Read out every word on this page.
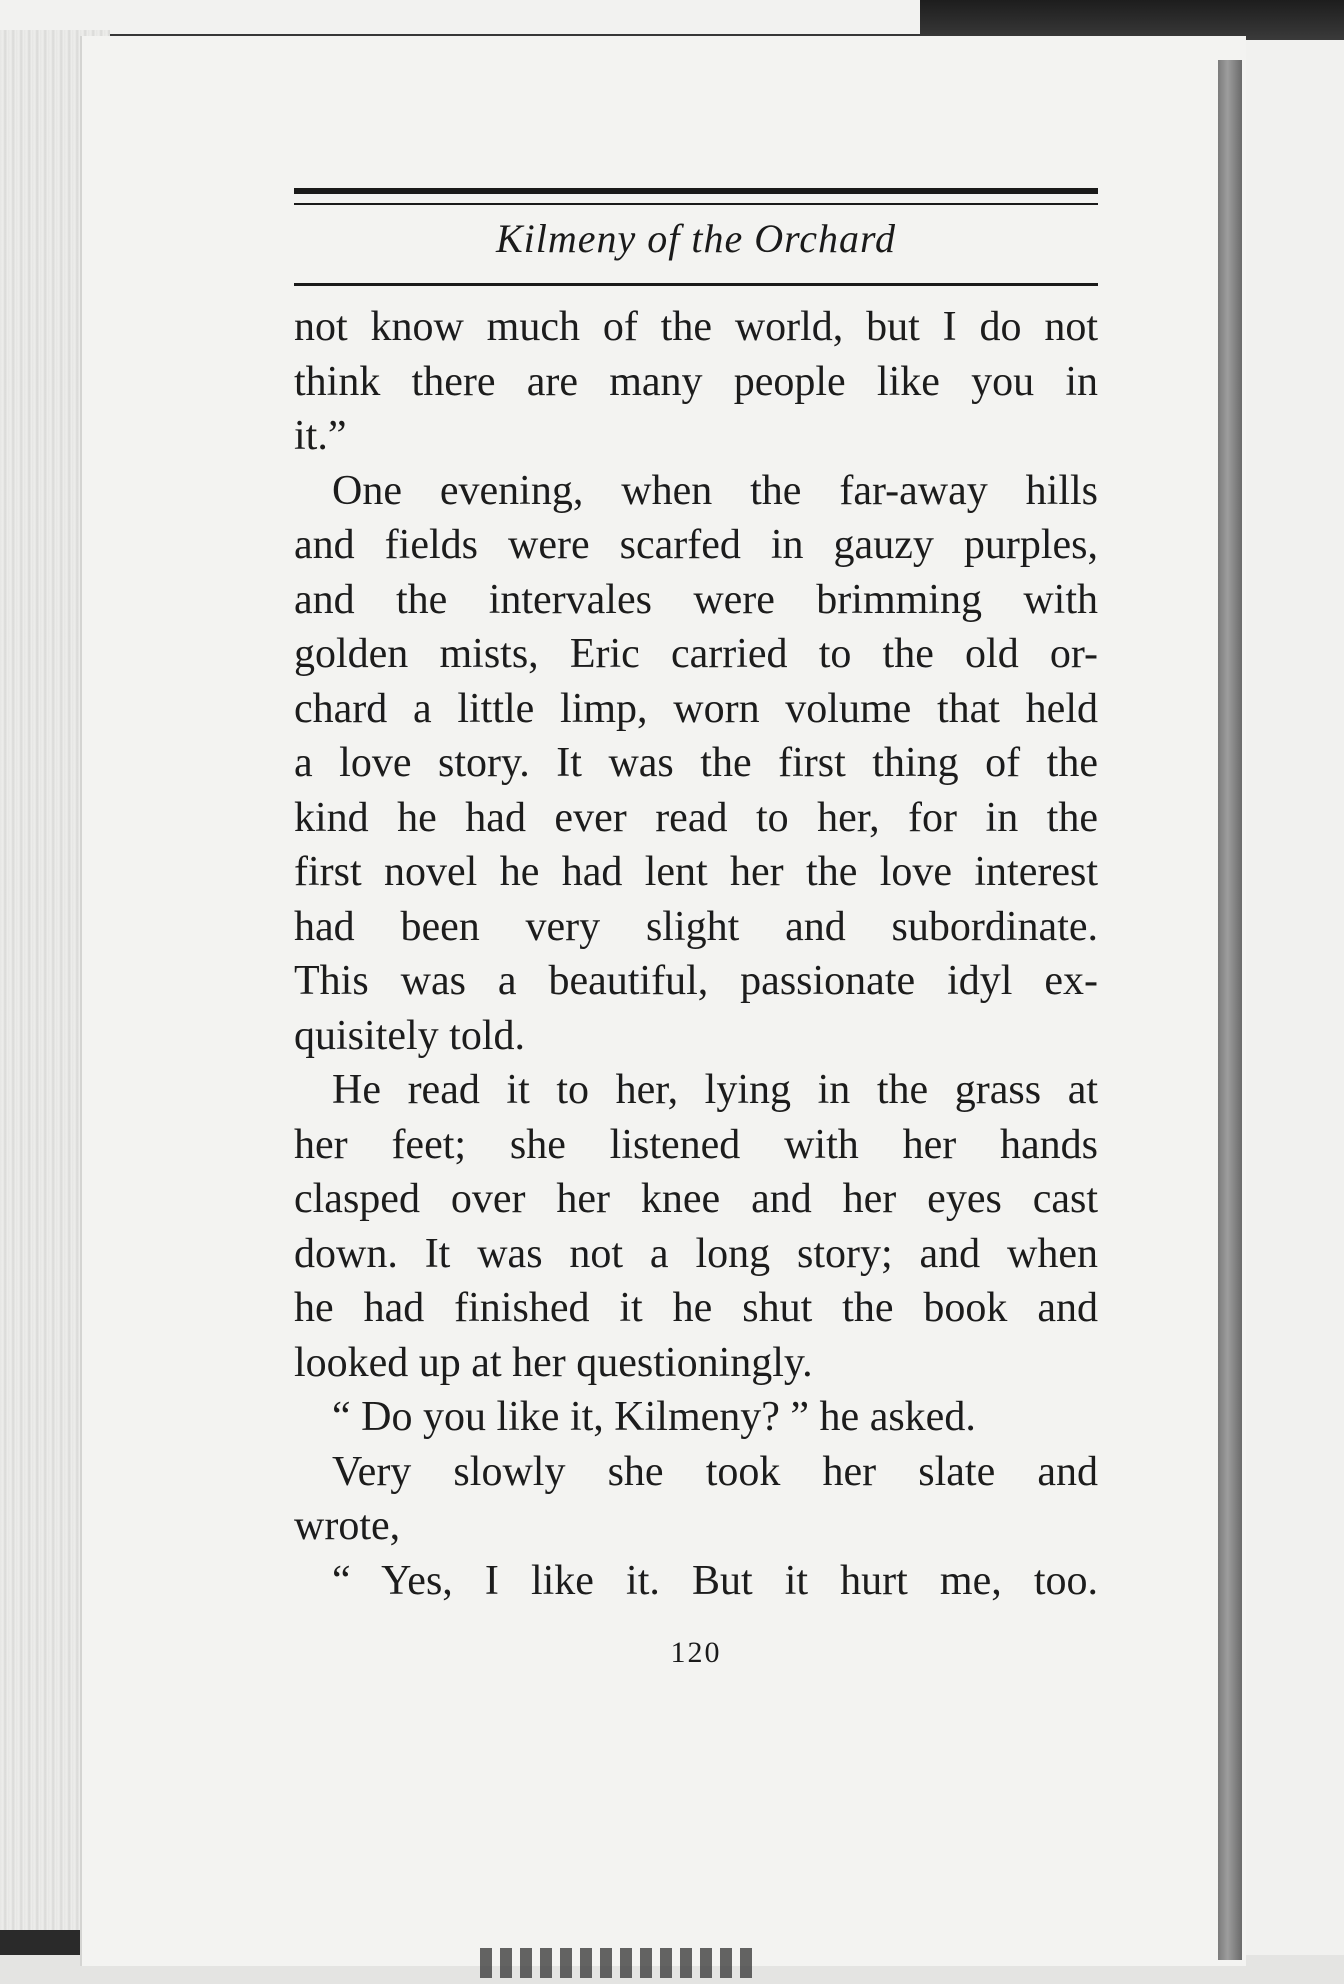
Kilmeny of the Orchard

not know much of the world, but I do not

think there are many people like you in

it.”

One evening, when the far-away hills

and fields were scarfed in gauzy purples,

and the intervales were brimming with

golden mists, Eric carried to the old or-

chard a little limp, worn volume that held

a love story. It was the first thing of the

kind he had ever read to her, for in the

first novel he had lent her the love interest

had been very slight and subordinate.

This was a beautiful, passionate idyl ex-

quisitely told.

He read it to her, lying in the grass at

her feet; she listened with her hands

clasped over her knee and her eyes cast

down. It was not a long story; and when

he had finished it he shut the book and

looked up at her questioningly.

“ Do you like it, Kilmeny? ” he asked.

Very slowly she took her slate and

wrote,

“ Yes, I like it. But it hurt me, too.

120
